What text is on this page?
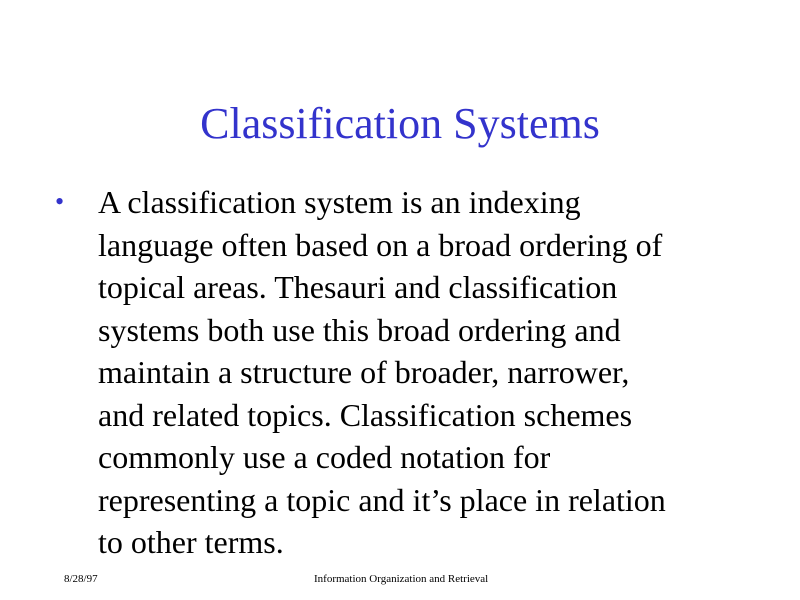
Classification Systems
• A classification system is an indexing
language often based on a broad ordering of
topical areas. Thesauri and classification
systems both use this broad ordering and
maintain a structure of broader, narrower,
and related topics. Classification schemes
commonly use a coded notation for
representing a topic and it’s place in relation
to other terms.

8/28/97	Information Organization and Retrieval
